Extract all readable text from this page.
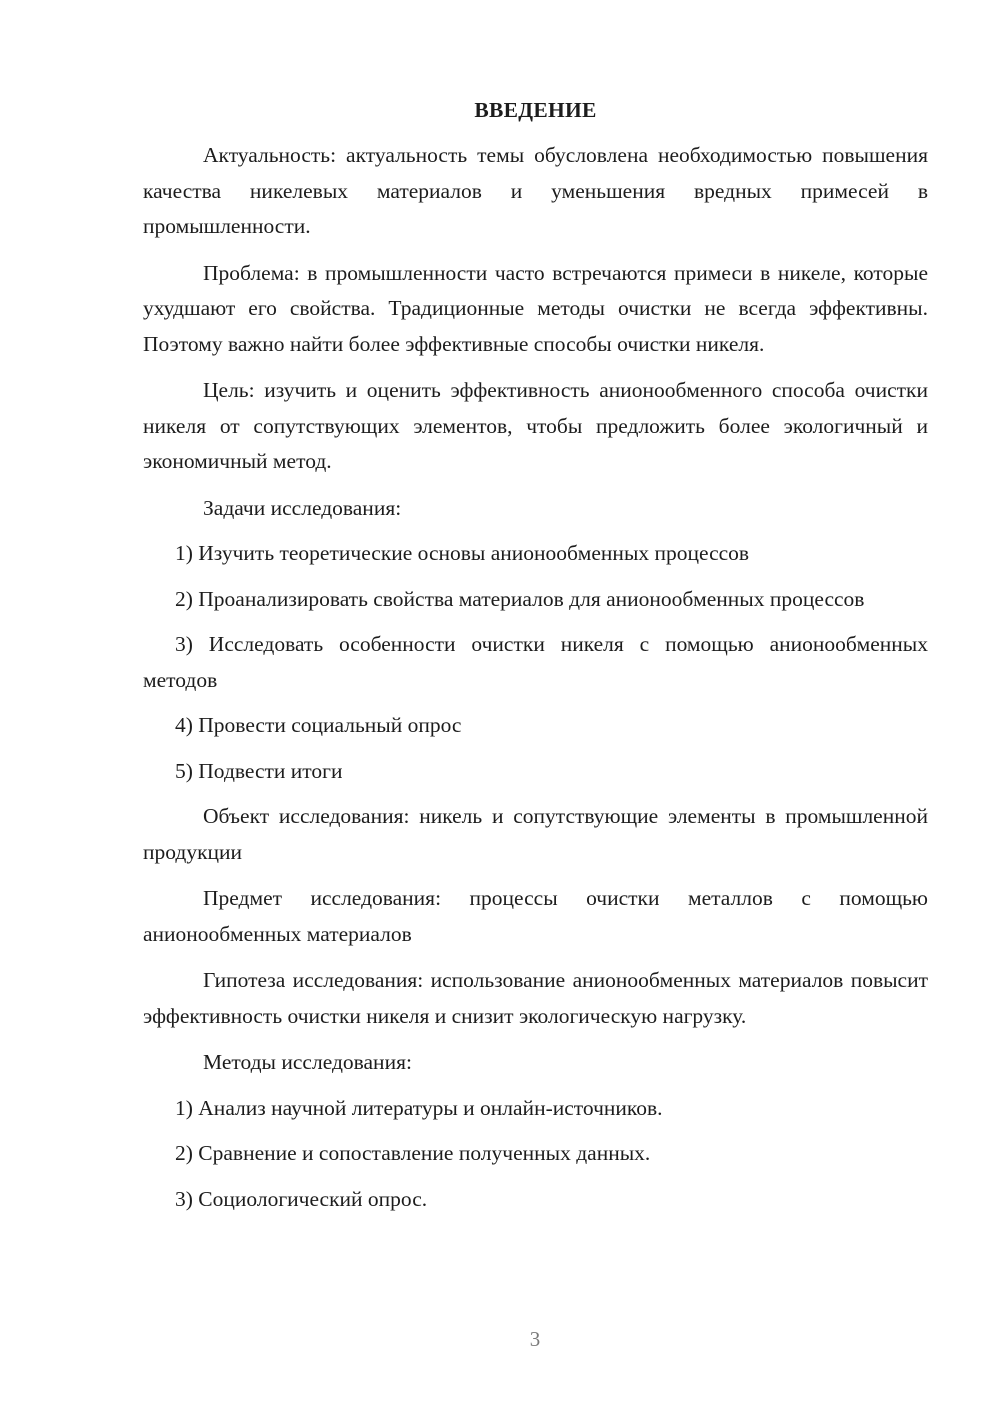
ВВЕДЕНИЕ

Актуальность: актуальность темы обусловлена необходимостью повышения качества никелевых материалов и уменьшения вредных примесей в промышленности.

Проблема: в промышленности часто встречаются примеси в никеле, которые ухудшают его свойства. Традиционные методы очистки не всегда эффективны. Поэтому важно найти более эффективные способы очистки никеля.

Цель: изучить и оценить эффективность анионообменного способа очистки никеля от сопутствующих элементов, чтобы предложить более экологичный и экономичный метод.

Задачи исследования:

1) Изучить теоретические основы анионообменных процессов

2) Проанализировать свойства материалов для анионообменных процессов

3) Исследовать особенности очистки никеля с помощью анионообменных методов

4) Провести социальный опрос

5) Подвести итоги

Объект исследования: никель и сопутствующие элементы в промышленной продукции

Предмет исследования: процессы очистки металлов с помощью анионообменных материалов

Гипотеза исследования: использование анионообменных материалов повысит эффективность очистки никеля и снизит экологическую нагрузку.

Методы исследования:

1) Анализ научной литературы и онлайн-источников.

2) Сравнение и сопоставление полученных данных.

3) Социологический опрос.

3
